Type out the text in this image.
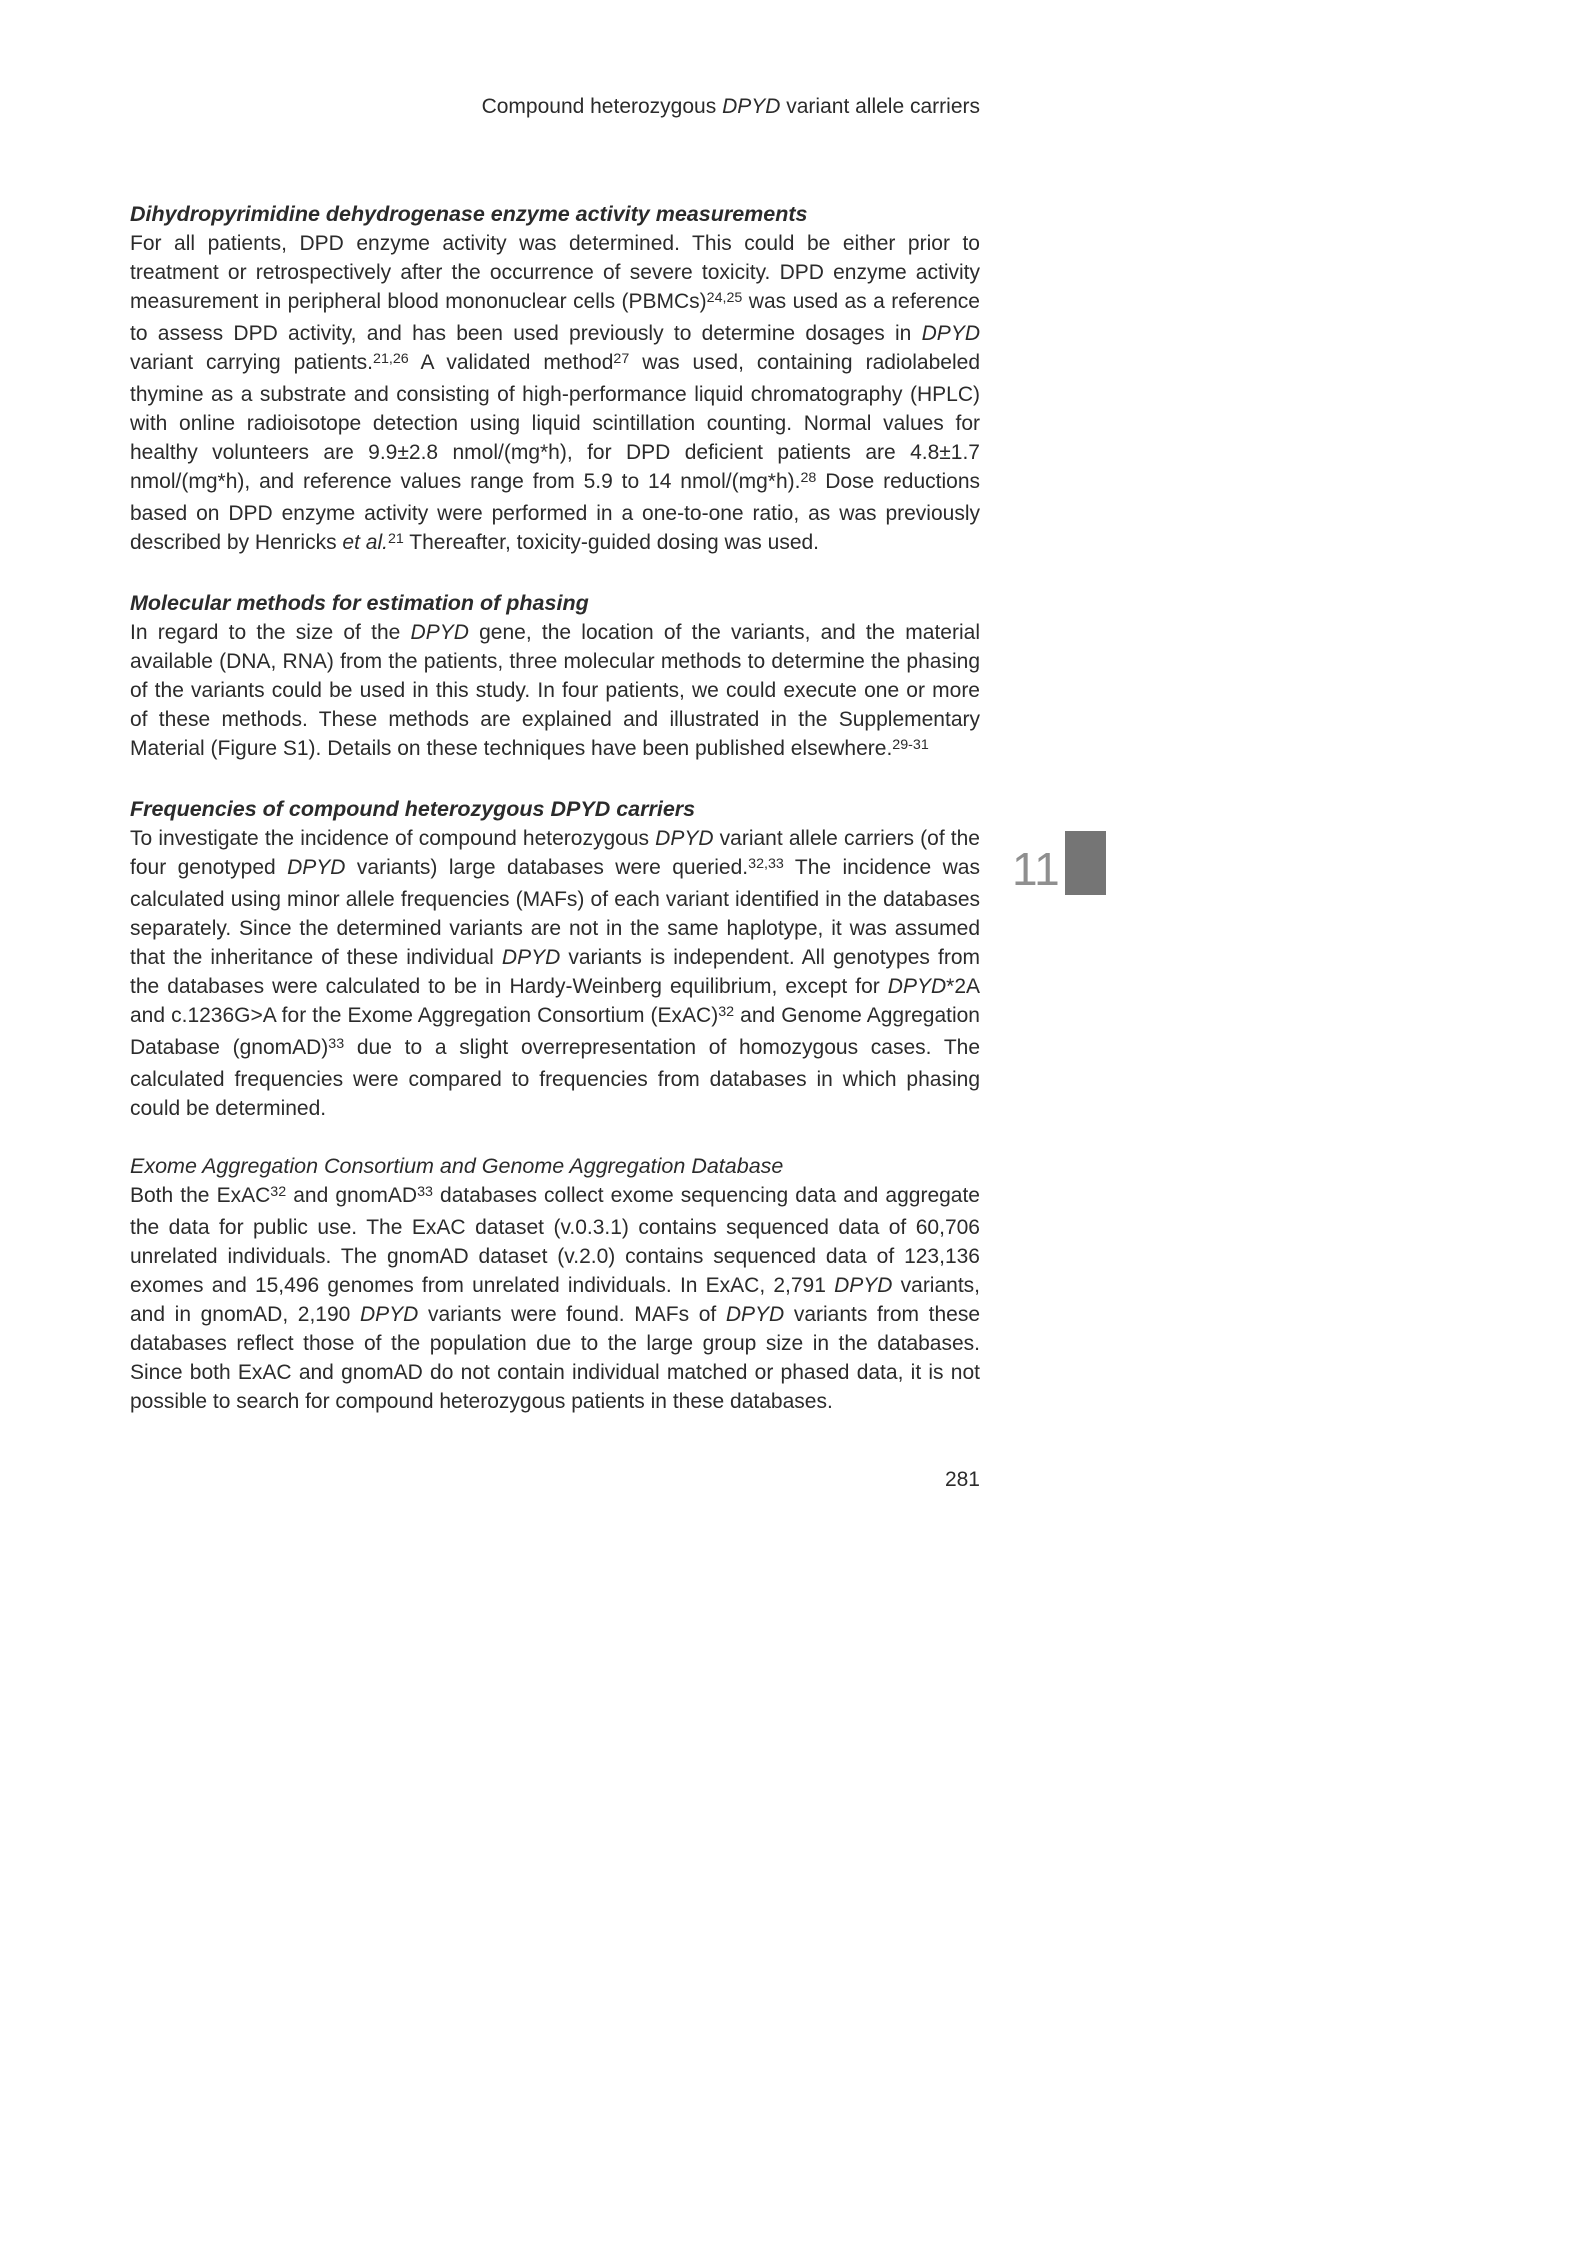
Compound heterozygous DPYD variant allele carriers
Dihydropyrimidine dehydrogenase enzyme activity measurements

For all patients, DPD enzyme activity was determined. This could be either prior to treatment or retrospectively after the occurrence of severe toxicity. DPD enzyme activity measurement in peripheral blood mononuclear cells (PBMCs)$^{24,25}$ was used as a reference to assess DPD activity, and has been used previously to determine dosages in DPYD variant carrying patients.$^{21,26}$ A validated method$^{27}$ was used, containing radiolabeled thymine as a substrate and consisting of high-performance liquid chromatography (HPLC) with online radioisotope detection using liquid scintillation counting. Normal values for healthy volunteers are 9.9±2.8 nmol/(mg*h), for DPD deficient patients are 4.8±1.7 nmol/(mg*h), and reference values range from 5.9 to 14 nmol/(mg*h).$^{28}$ Dose reductions based on DPD enzyme activity were performed in a one-to-one ratio, as was previously described by Henricks et al.$^{21}$ Thereafter, toxicity-guided dosing was used.

Molecular methods for estimation of phasing

In regard to the size of the DPYD gene, the location of the variants, and the material available (DNA, RNA) from the patients, three molecular methods to determine the phasing of the variants could be used in this study. In four patients, we could execute one or more of these methods. These methods are explained and illustrated in the Supplementary Material (Figure S1). Details on these techniques have been published elsewhere.$^{29-31}$

Frequencies of compound heterozygous DPYD carriers

To investigate the incidence of compound heterozygous DPYD variant allele carriers (of the four genotyped DPYD variants) large databases were queried.$^{32,33}$ The incidence was calculated using minor allele frequencies (MAFs) of each variant identified in the databases separately. Since the determined variants are not in the same haplotype, it was assumed that the inheritance of these individual DPYD variants is independent. All genotypes from the databases were calculated to be in Hardy-Weinberg equilibrium, except for DPYD*2A and c.1236G>A for the Exome Aggregation Consortium (ExAC)$^{32}$ and Genome Aggregation Database (gnomAD)$^{33}$ due to a slight overrepresentation of homozygous cases. The calculated frequencies were compared to frequencies from databases in which phasing could be determined.

Exome Aggregation Consortium and Genome Aggregation Database

Both the ExAC$^{32}$ and gnomAD$^{33}$ databases collect exome sequencing data and aggregate the data for public use. The ExAC dataset (v.0.3.1) contains sequenced data of 60,706 unrelated individuals. The gnomAD dataset (v.2.0) contains sequenced data of 123,136 exomes and 15,496 genomes from unrelated individuals. In ExAC, 2,791 DPYD variants, and in gnomAD, 2,190 DPYD variants were found. MAFs of DPYD variants from these databases reflect those of the population due to the large group size in the databases. Since both ExAC and gnomAD do not contain individual matched or phased data, it is not possible to search for compound heterozygous patients in these databases.

11
281
